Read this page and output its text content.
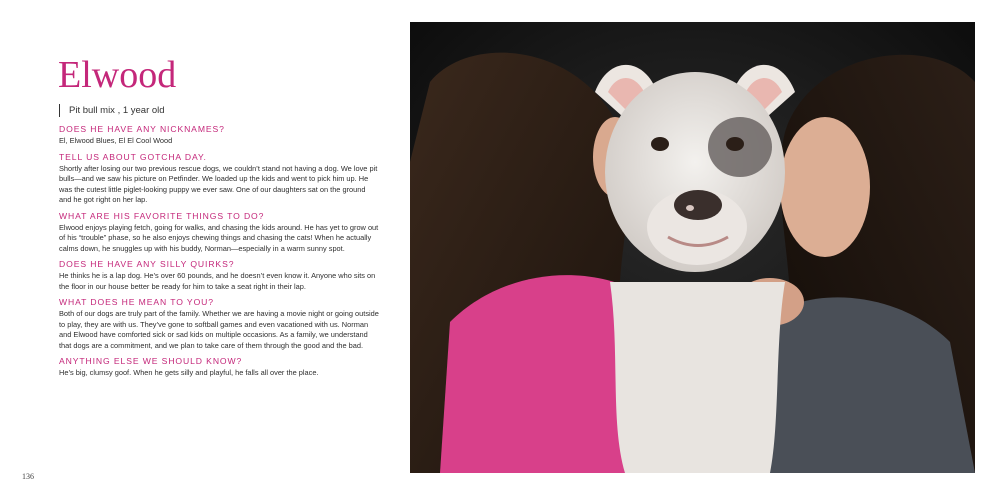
Elwood
Pit bull mix , 1 year old

DOES HE HAVE ANY NICKNAMES?

El, Elwood Blues, El El Cool Wood

TELL US ABOUT GOTCHA DAY.

Shortly after losing our two previous rescue dogs, we couldn’t stand not having a dog. We love pit bulls—and we saw his picture on Petfinder. We loaded up the kids and went to pick him up. He was the cutest little piglet-looking puppy we ever saw. One of our daughters sat on the ground and he got right on her lap.

WHAT ARE HIS FAVORITE THINGS TO DO?

Elwood enjoys playing fetch, going for walks, and chasing the kids around. He has yet to grow out of his “trouble” phase, so he also enjoys chewing things and chasing the cats! When he actually calms down, he snuggles up with his buddy, Norman—especially in a warm sunny spot.

DOES HE HAVE ANY SILLY QUIRKS?

He thinks he is a lap dog. He’s over 60 pounds, and he doesn’t even know it. Anyone who sits on the floor in our house better be ready for him to take a seat right in their lap.

WHAT DOES HE MEAN TO YOU?

Both of our dogs are truly part of the family. Whether we are having a movie night or going outside to play, they are with us. They’ve gone to softball games and even vacationed with us. Norman and Elwood have comforted sick or sad kids on multiple occasions. As a family, we understand that dogs are a commitment, and we plan to take care of them through the good and the bad.

ANYTHING ELSE WE SHOULD KNOW?

He’s big, clumsy goof. When he gets silly and playful, he falls all over the place.

136
